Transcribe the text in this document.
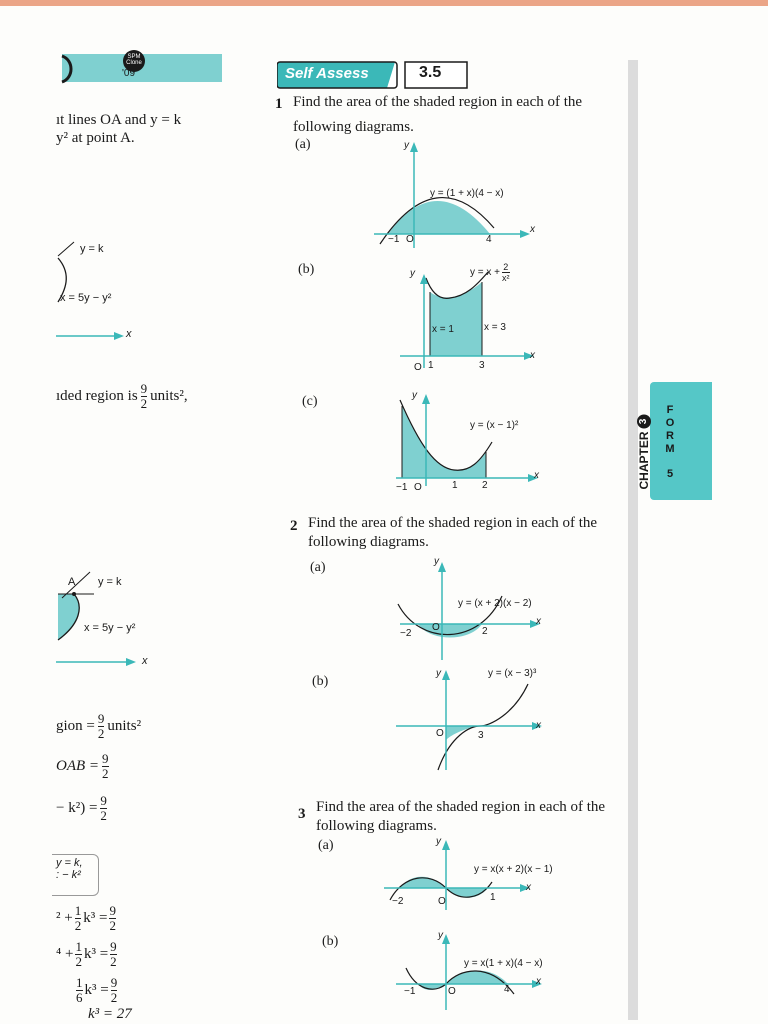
SPM
Clone
'09
ıt lines OA and y = k
y² at point A.
y = k
x = 5y − y²
x
ıded region is $\frac{9}{2}$ units²,
A y = k
x = 5y − y²
x
gion = $\frac{9}{2}$ units²
OAB = $\frac{9}{2}$
− $k^2) = \frac{9}{2}$
y = k,
: − k²
$^2 + \frac{1}{2} k^3 = \frac{9}{2}$
$^4 + \frac{1}{2} k^3 = \frac{9}{2}$
$\frac{1}{6} k^3 = \frac{9}{2}$
k³ = 27
Self Assess	3.5
1 Find the area of the shaded region in each of the
following diagrams.
(a)	y
x
y = (1 + x)(4 − x)
−1 O	4
(b)	y
x
$y = x + \frac{2}{\text{x²}}$
x = 1	x = 3
O 1	3
(c)	y
x
y = (x − 1)²
−1 O	1 2
2 Find the area of the shaded region in each of the
following diagrams.
(a)	y
x
y = (x + 2)(x − 2)
−2
O	2
(b)
y
x
y = (x − 3)³
O	3
3 Find the area of the shaded region in each of the
following diagrams.
(a)	y
x
y = x(x + 2)(x − 1)
−2	O	1
(b)	y
x
y = x(1 + x)(4 − x)
−1	O	4
CHAPTER
3
F
O
R
M
5
